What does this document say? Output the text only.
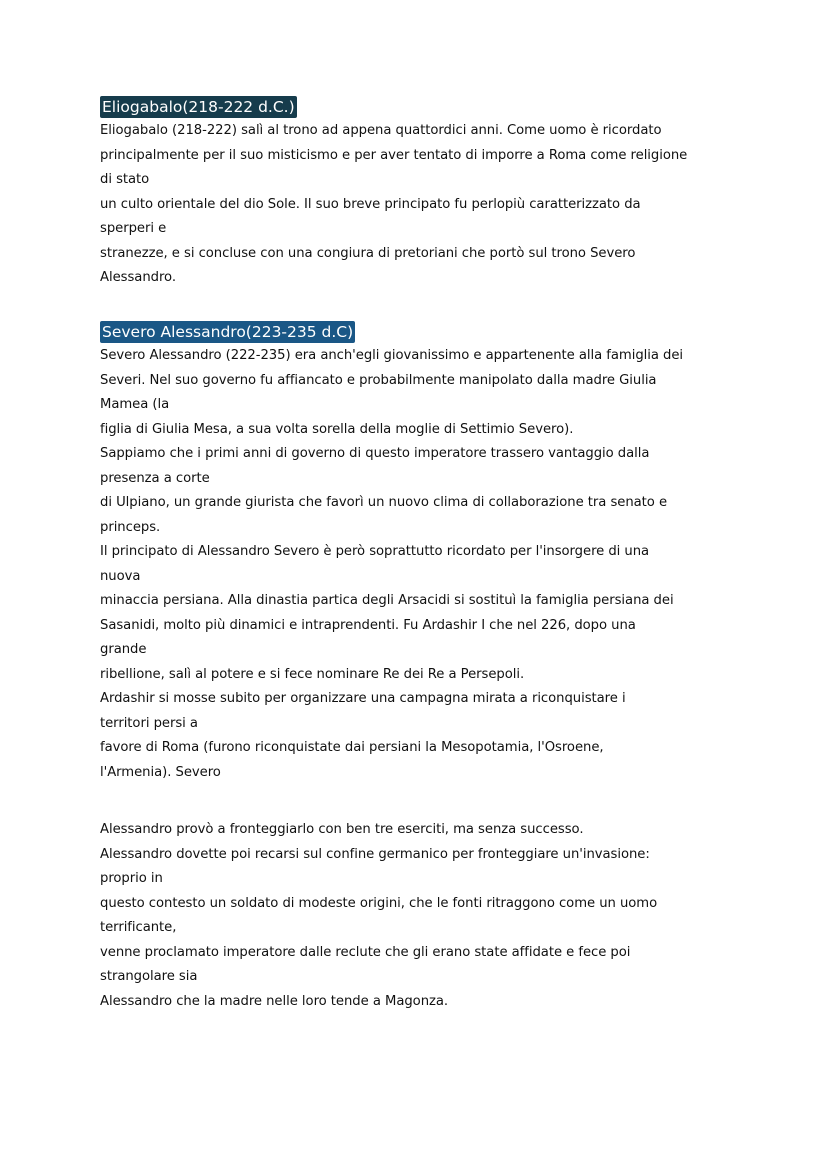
Eliogabalo(218-222 d.C.)
Eliogabalo (218-222) salì al trono ad appena quattordici anni. Come uomo è ricordato
principalmente per il suo misticismo e per aver tentato di imporre a Roma come religione
di stato
un culto orientale del dio Sole. Il suo breve principato fu perlopiù caratterizzato da
sperperi e
stranezze, e si concluse con una congiura di pretoriani che portò sul trono Severo
Alessandro.
Severo Alessandro(223-235 d.C)
Severo Alessandro (222-235) era anch'egli giovanissimo e appartenente alla famiglia dei
Severi. Nel suo governo fu affiancato e probabilmente manipolato dalla madre Giulia
Mamea (la
figlia di Giulia Mesa, a sua volta sorella della moglie di Settimio Severo).
Sappiamo che i primi anni di governo di questo imperatore trassero vantaggio dalla
presenza a corte
di Ulpiano, un grande giurista che favorì un nuovo clima di collaborazione tra senato e
princeps.
Il principato di Alessandro Severo è però soprattutto ricordato per l'insorgere di una
nuova
minaccia persiana. Alla dinastia partica degli Arsacidi si sostituì la famiglia persiana dei
Sasanidi, molto più dinamici e intraprendenti. Fu Ardashir I che nel 226, dopo una
grande
ribellione, salì al potere e si fece nominare Re dei Re a Persepoli.
Ardashir si mosse subito per organizzare una campagna mirata a riconquistare i
territori persi a
favore di Roma (furono riconquistate dai persiani la Mesopotamia, l'Osroene,
l'Armenia). Severo
Alessandro provò a fronteggiarlo con ben tre eserciti, ma senza successo.
Alessandro dovette poi recarsi sul confine germanico per fronteggiare un'invasione:
proprio in
questo contesto un soldato di modeste origini, che le fonti ritraggono come un uomo
terrificante,
venne proclamato imperatore dalle reclute che gli erano state affidate e fece poi
strangolare sia
Alessandro che la madre nelle loro tende a Magonza.
